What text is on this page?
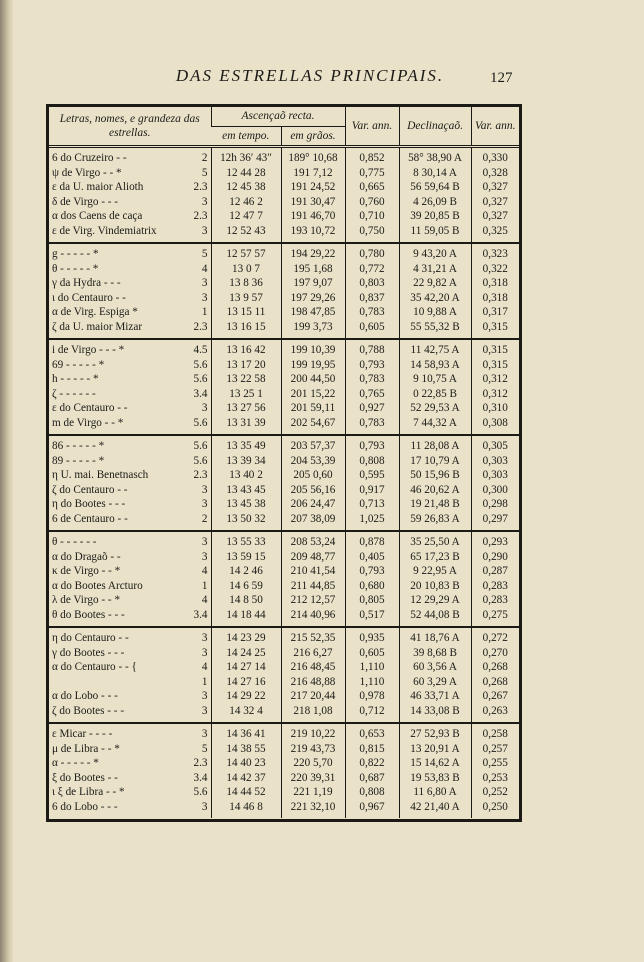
DAS ESTRELLAS PRINCIPAIS.	127
Letras, nomes, e grandeza das estrellas.	Ascençaõ recta.		Var. ann.	Declinaçaõ.	Var. ann.
	em tempo.	em grãos.			

6 do Cruzeiro - - 2	12h 36′ 43″	189° 10,68	0,852	58° 38,90 A	0,330

ψ de Virgo - - * 5	12 44 28	191 7,12	0,775	8 30,14 A	0,328

ε da U. maior Alioth 2.3	12 45 38	191 24,52	0,665	56 59,64 B	0,327

δ de Virgo - - - 3	12 46 2	191 30,47	0,760	4 26,09 B	0,327

α dos Caens de caça 2.3	12 47 7	191 46,70	0,710	39 20,85 B	0,327

ε de Virg. Vindemiatrix 3	12 52 43	193 10,72	0,750	11 59,05 B	0,325

g - - - - - * 5	12 57 57	194 29,22	0,780	9 43,20 A	0,323

θ - - - - - * 4	13 0 7	195 1,68	0,772	4 31,21 A	0,322

γ da Hydra - - - 3	13 8 36	197 9,07	0,803	22 9,82 A	0,318

ι do Centauro - - 3	13 9 57	197 29,26	0,837	35 42,20 A	0,318

α de Virg. Espiga * 1	13 15 11	198 47,85	0,783	10 9,88 A	0,317

ζ da U. maior Mizar 2.3	13 16 15	199 3,73	0,605	55 55,32 B	0,315

i de Virgo - - - * 4.5	13 16 42	199 10,39	0,788	11 42,75 A	0,315

69 - - - - - * 5.6	13 17 20	199 19,95	0,793	14 58,93 A	0,315

h - - - - - * 5.6	13 22 58	200 44,50	0,783	9 10,75 A	0,312

ζ - - - - - - 3.4	13 25 1	201 15,22	0,765	0 22,85 B	0,312

ε do Centauro - - 3	13 27 56	201 59,11	0,927	52 29,53 A	0,310

m de Virgo - - * 5.6	13 31 39	202 54,67	0,783	7 44,32 A	0,308

86 - - - - - * 5.6	13 35 49	203 57,37	0,793	11 28,08 A	0,305

89 - - - - - * 5.6	13 39 34	204 53,39	0,808	17 10,79 A	0,303

η U. mai. Benetnasch 2.3	13 40 2	205 0,60	0,595	50 15,96 B	0,303

ζ do Centauro - - 3	13 43 45	205 56,16	0,917	46 20,62 A	0,300

η do Bootes - - - 3	13 45 38	206 24,47	0,713	19 21,48 B	0,298

6 de Centauro - - 2	13 50 32	207 38,09	1,025	59 26,83 A	0,297

θ - - - - - - 3	13 55 33	208 53,24	0,878	35 25,50 A	0,293

α do Dragaõ - - 3	13 59 15	209 48,77	0,405	65 17,23 B	0,290

κ de Virgo - - * 4	14 2 46	210 41,54	0,793	9 22,95 A	0,287

α do Bootes Arcturo 1	14 6 59	211 44,85	0,680	20 10,83 B	0,283

λ de Virgo - - * 4	14 8 50	212 12,57	0,805	12 29,29 A	0,283

θ do Bootes - - - 3.4	14 18 44	214 40,96	0,517	52 44,08 B	0,275

η do Centauro - - 3	14 23 29	215 52,35	0,935	41 18,76 A	0,272

γ do Bootes - - - 3	14 24 25	216 6,27	0,605	39 8,68 B	0,270

α do Centauro - - { 4	14 27 14	216 48,45	1,110	60 3,56 A	0,268

1	14 27 16	216 48,88	1,110	60 3,29 A	0,268

α do Lobo - - - 3	14 29 22	217 20,44	0,978	46 33,71 A	0,267

ζ do Bootes - - - 3	14 32 4	218 1,08	0,712	14 33,08 B	0,263

ε Micar - - - - 3	14 36 41	219 10,22	0,653	27 52,93 B	0,258

μ de Libra - - * 5	14 38 55	219 43,73	0,815	13 20,91 A	0,257

α - - - - - * 2.3	14 40 23	220 5,70	0,822	15 14,62 A	0,255

ξ do Bootes - - 3.4	14 42 37	220 39,31	0,687	19 53,83 B	0,253

ι ξ de Libra - - * 5.6	14 44 52	221 1,19	0,808	11 6,80 A	0,252

6 do Lobo - - - 3	14 46 8	221 32,10	0,967	42 21,40 A	0,250
